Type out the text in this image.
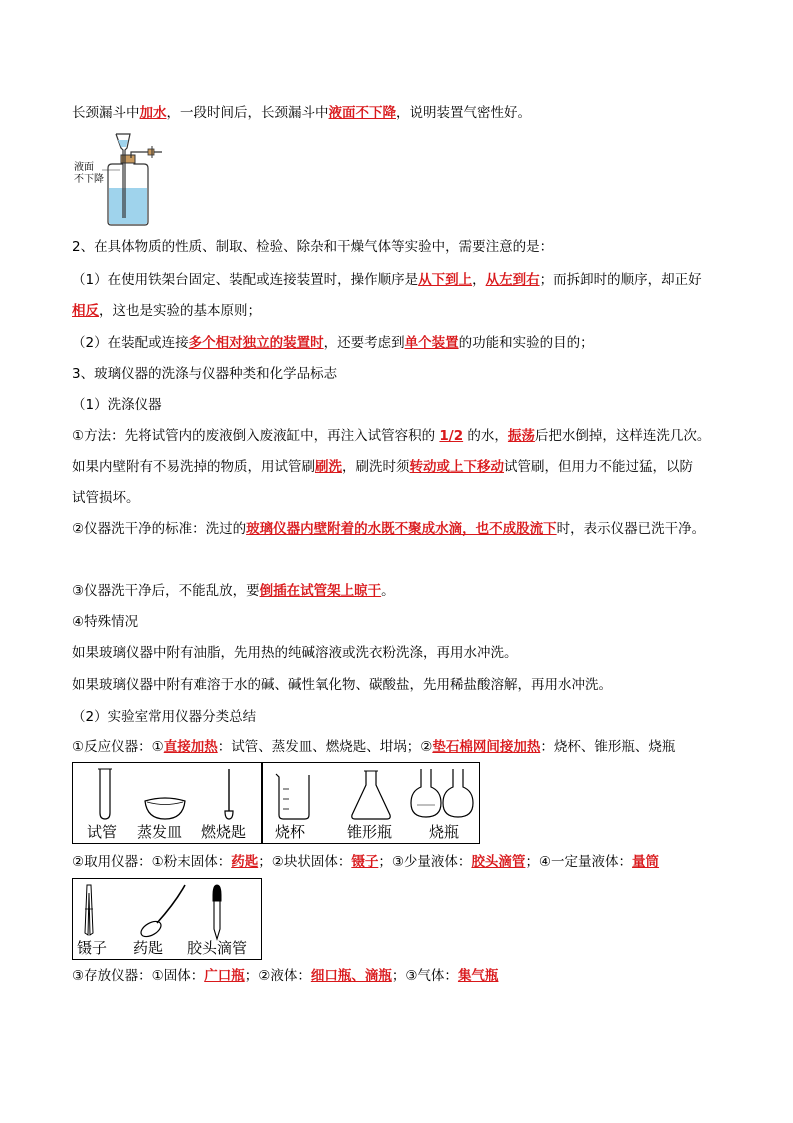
长颈漏斗中加水，一段时间后，长颈漏斗中液面不下降，说明装置气密性好。
液面
不下降
2、在具体物质的性质、制取、检验、除杂和干燥气体等实验中，需要注意的是：
（1）在使用铁架台固定、装配或连接装置时，操作顺序是从下到上，从左到右；而拆卸时的顺序，却正好
相反，这也是实验的基本原则；
（2）在装配或连接多个相对独立的装置时，还要考虑到单个装置的功能和实验的目的；
3、玻璃仪器的洗涤与仪器种类和化学品标志
（1）洗涤仪器
①方法：先将试管内的废液倒入废液缸中，再注入试管容积的 1/2 的水，振荡后把水倒掉，这样连洗几次。
如果内壁附有不易洗掉的物质，用试管刷刷洗，刷洗时须转动或上下移动试管刷，但用力不能过猛，以防
试管损坏。
②仪器洗干净的标准：洗过的玻璃仪器内壁附着的水既不聚成水滴，也不成股流下时，表示仪器已洗干净。
③仪器洗干净后，不能乱放，要倒插在试管架上晾干。
④特殊情况
如果玻璃仪器中附有油脂，先用热的纯碱溶液或洗衣粉洗涤，再用水冲洗。
如果玻璃仪器中附有难溶于水的碱、碱性氧化物、碳酸盐，先用稀盐酸溶解，再用水冲洗。
（2）实验室常用仪器分类总结
①反应仪器：①直接加热：试管、蒸发皿、燃烧匙、坩埚；②垫石棉网间接加热：烧杯、锥形瓶、烧瓶
试管 蒸发皿 燃烧匙 烧杯	锥形瓶 烧瓶
②取用仪器：①粉末固体：药匙；②块状固体：镊子；③少量液体：胶头滴管；④一定量液体：量筒
镊子 药匙 胶头滴管
③存放仪器：①固体：广口瓶；②液体：细口瓶、滴瓶；③气体：集气瓶
